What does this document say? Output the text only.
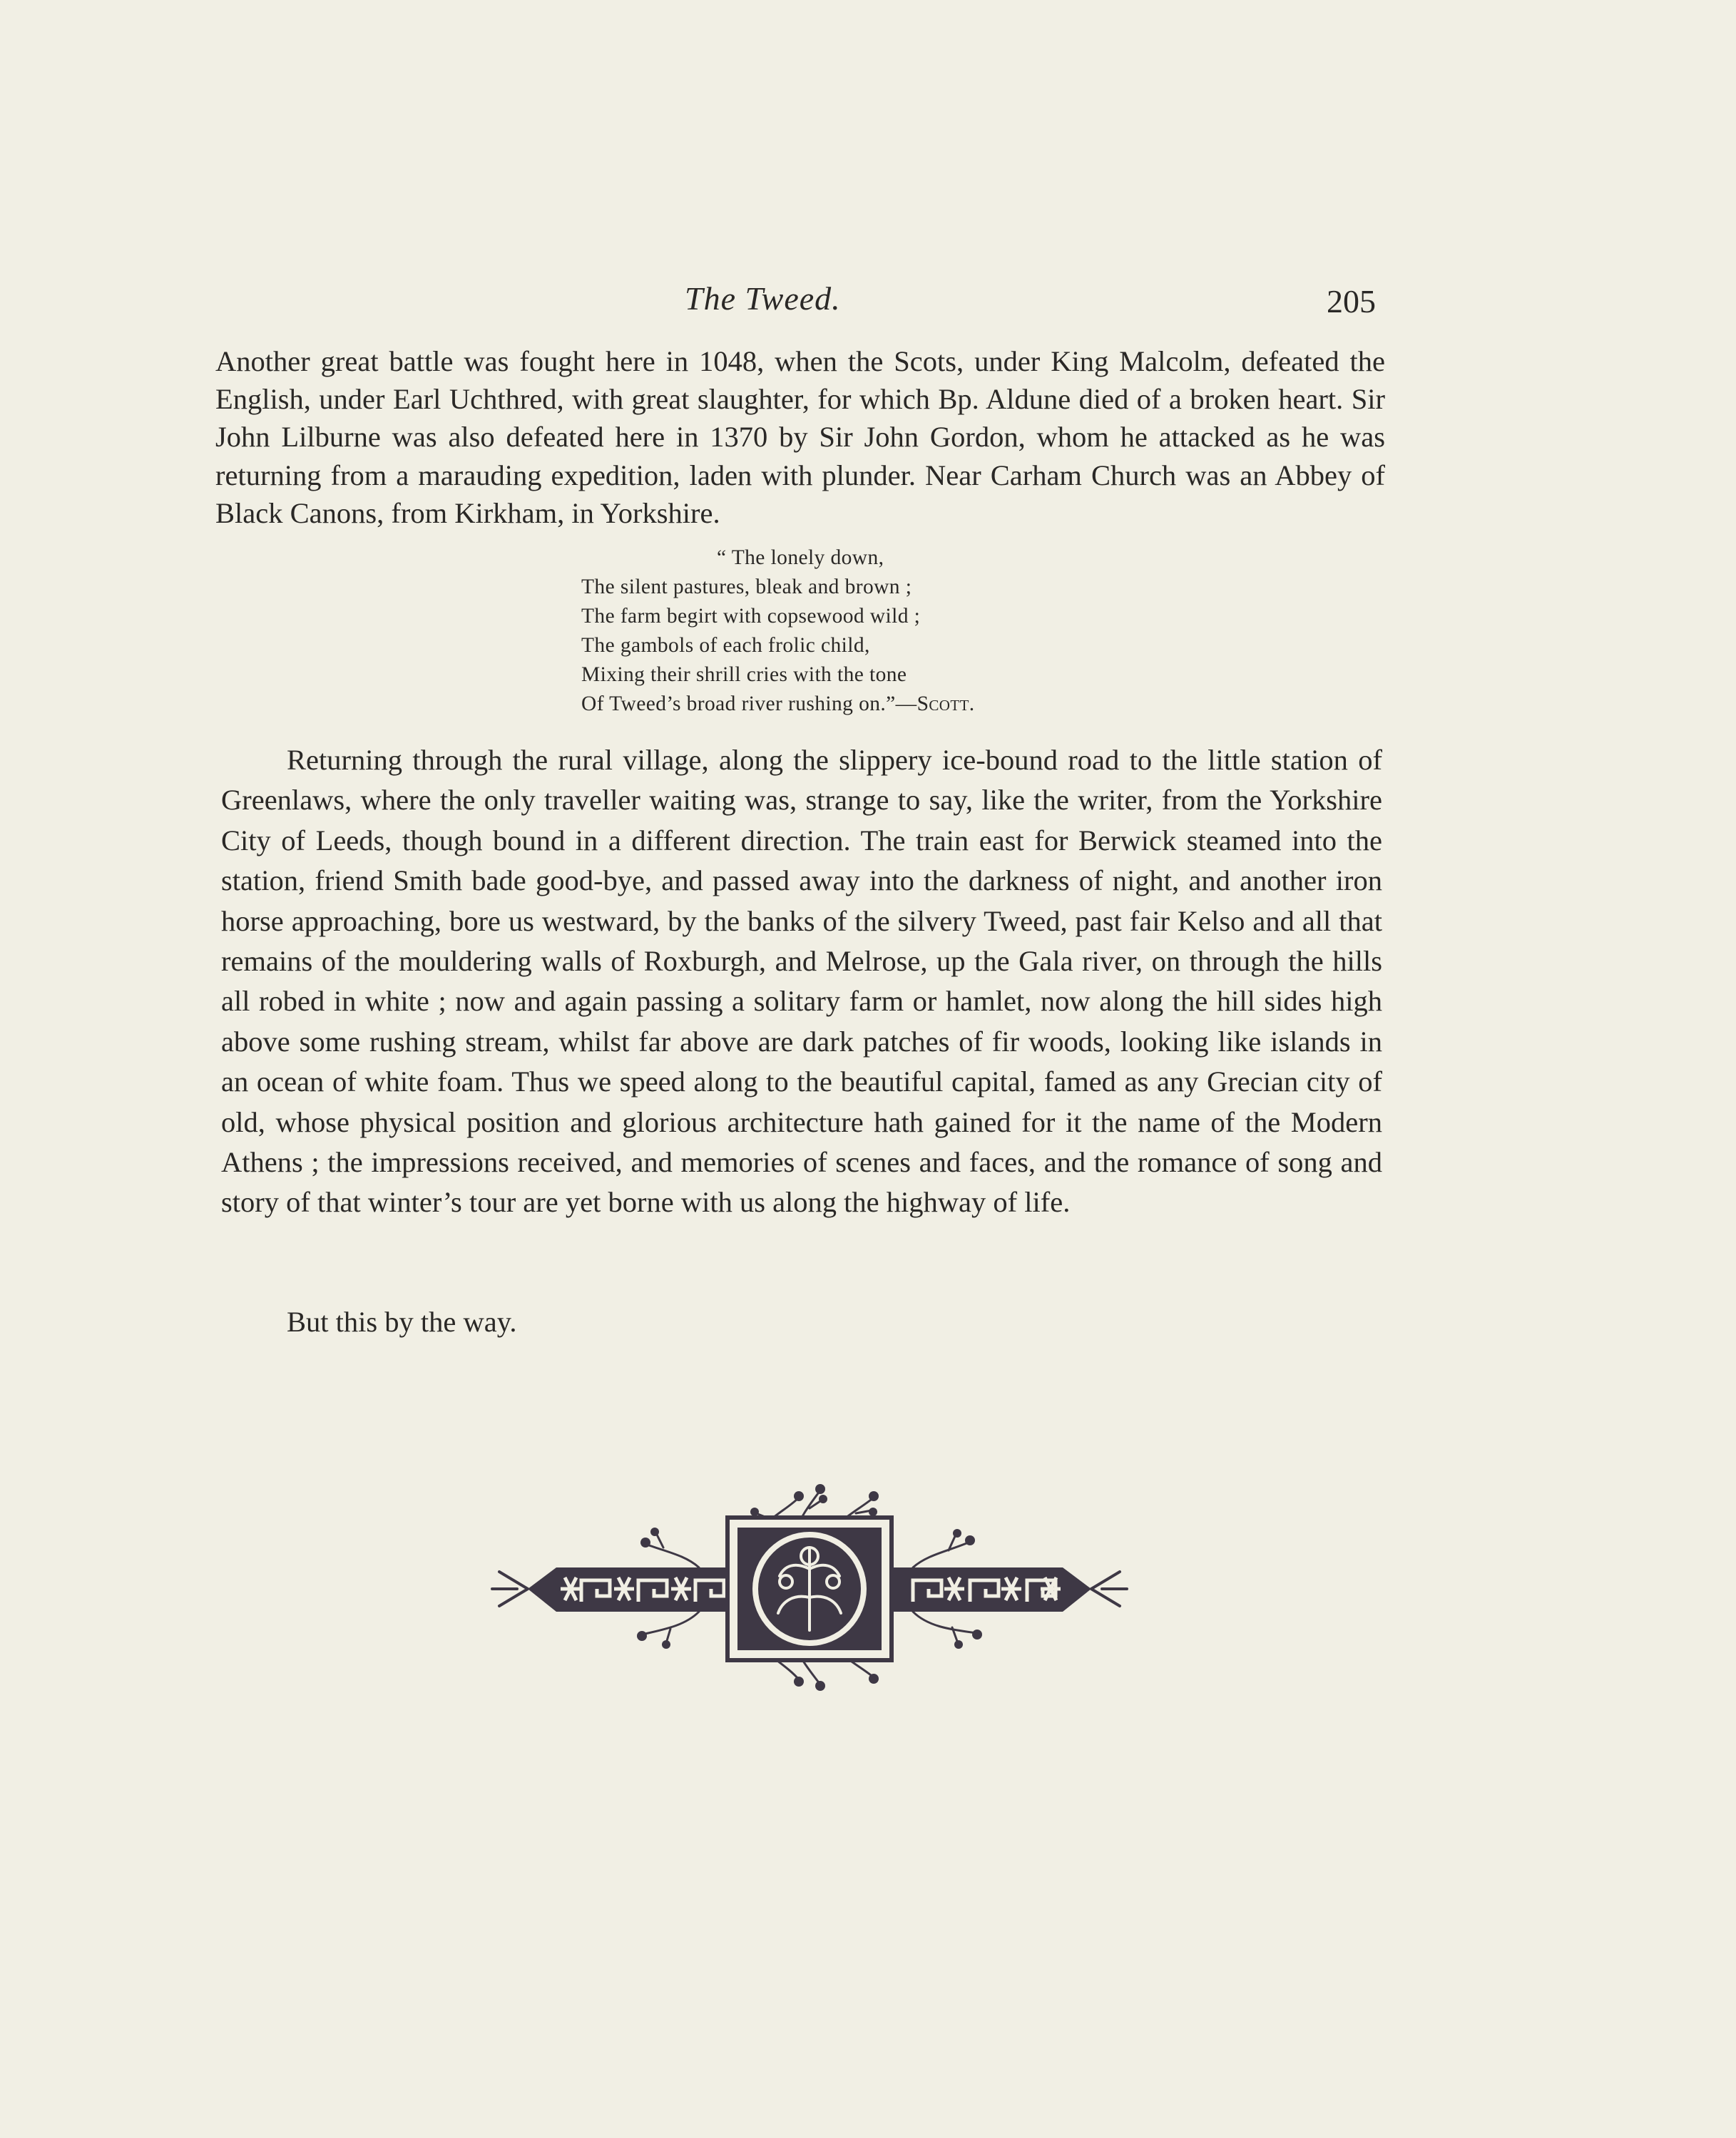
The Tweed.	205
Another great battle was fought here in 1048, when the Scots, under King Malcolm, defeated the English, under Earl Uchthred, with great slaughter, for which Bp. Aldune died of a broken heart. Sir John Lilburne was also defeated here in 1370 by Sir John Gordon, whom he attacked as he was returning from a marauding expedition, laden with plunder. Near Carham Church was an Abbey of Black Canons, from Kirkham, in Yorkshire.
“ The lonely down,
The silent pastures, bleak and brown ;
The farm begirt with copsewood wild ;
The gambols of each frolic child,
Mixing their shrill cries with the tone
Of Tweed’s broad river rushing on.”—Scott.
Returning through the rural village, along the slippery ice-bound road to the little station of Greenlaws, where the only traveller waiting was, strange to say, like the writer, from the Yorkshire City of Leeds, though bound in a different direction. The train east for Berwick steamed into the station, friend Smith bade good-bye, and passed away into the darkness of night, and another iron horse approaching, bore us westward, by the banks of the silvery Tweed, past fair Kelso and all that remains of the mouldering walls of Roxburgh, and Melrose, up the Gala river, on through the hills all robed in white ; now and again passing a solitary farm or hamlet, now along the hill sides high above some rushing stream, whilst far above are dark patches of fir woods, looking like islands in an ocean of white foam. Thus we speed along to the beautiful capital, famed as any Grecian city of old, whose physical position and glorious architecture hath gained for it the name of the Modern Athens ; the impressions received, and memories of scenes and faces, and the romance of song and story of that winter’s tour are yet borne with us along the highway of life.
But this by the way.
